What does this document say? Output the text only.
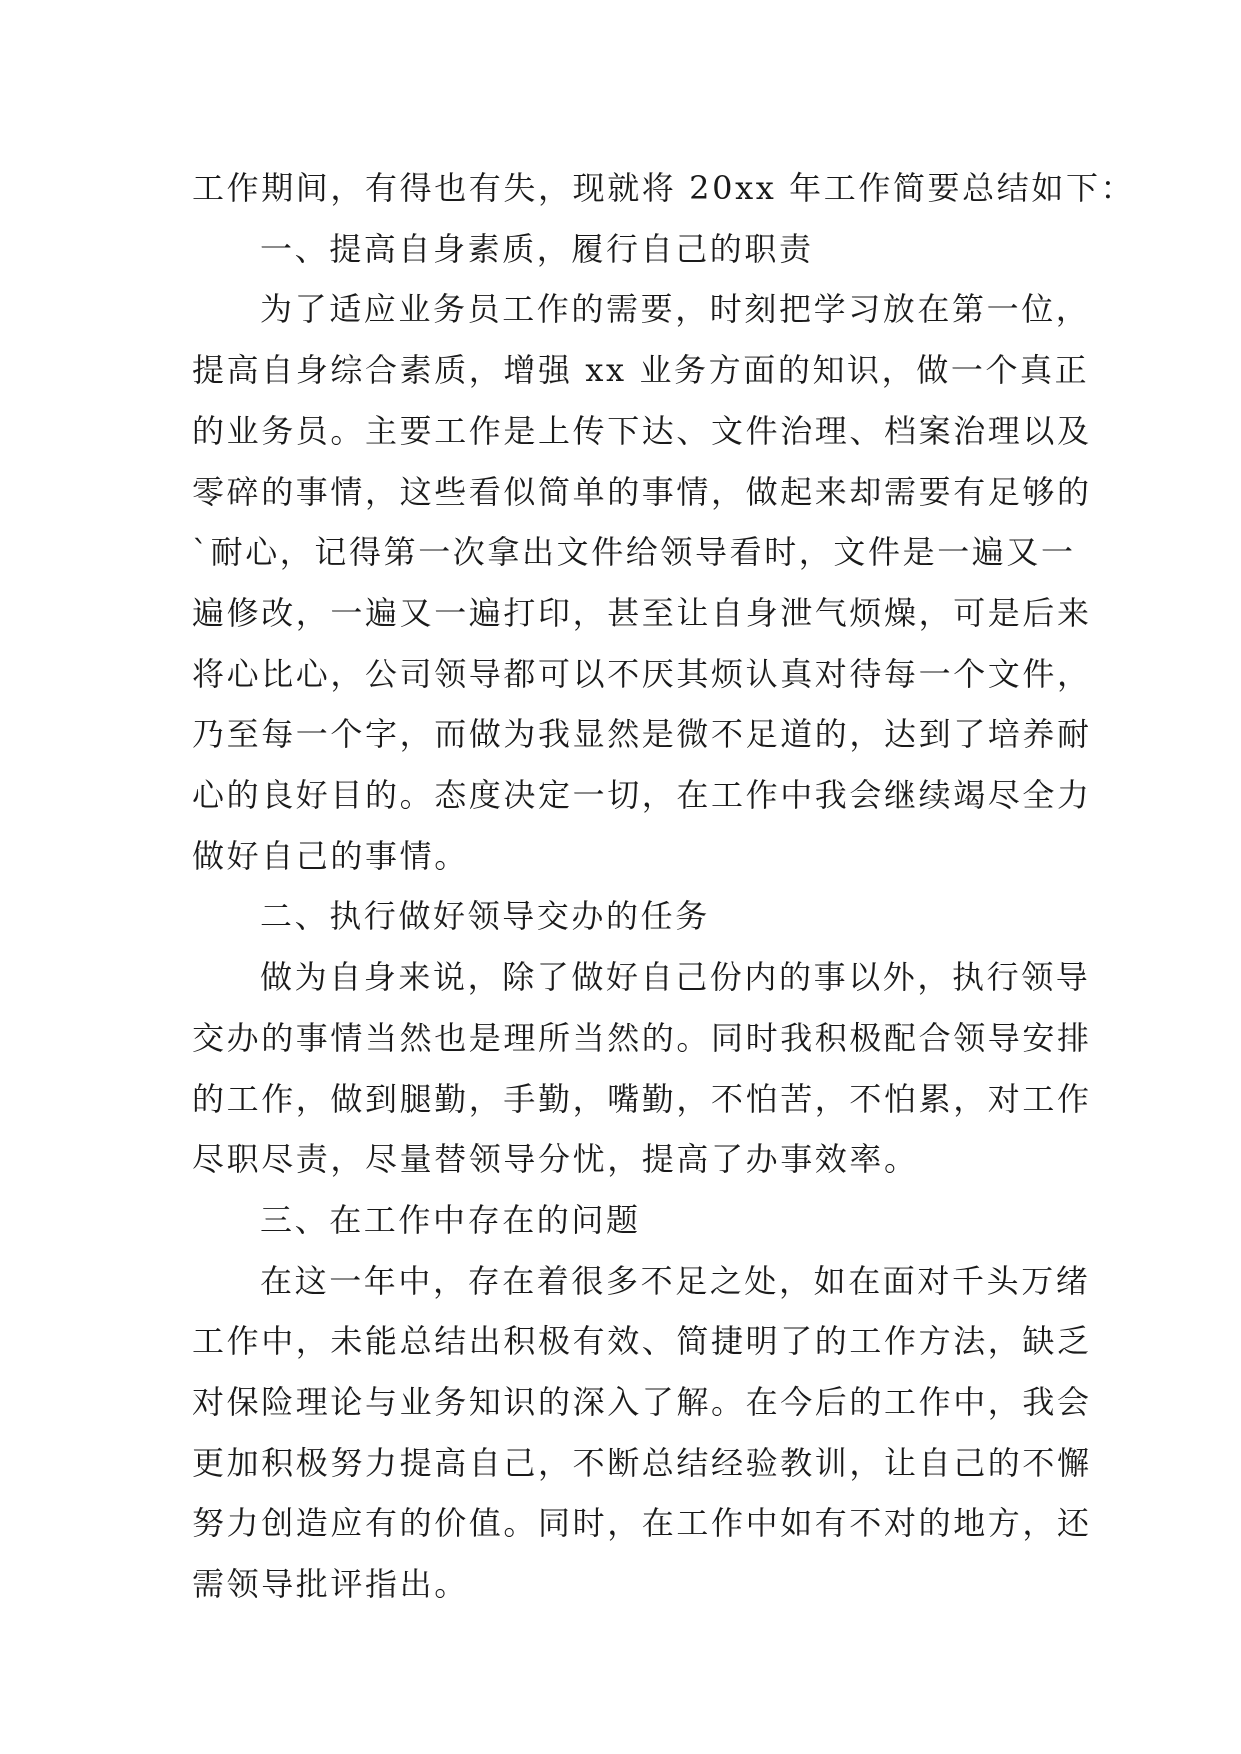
工作期间，有得也有失，现就将 20xx 年工作简要总结如下：

一、提高自身素质，履行自己的职责

为了适应业务员工作的需要，时刻把学习放在第一位，

提高自身综合素质，增强 xx 业务方面的知识，做一个真正

的业务员。主要工作是上传下达、文件治理、档案治理以及

零碎的事情，这些看似简单的事情，做起来却需要有足够的

`耐心，记得第一次拿出文件给领导看时，文件是一遍又一

遍修改，一遍又一遍打印，甚至让自身泄气烦燥，可是后来

将心比心，公司领导都可以不厌其烦认真对待每一个文件，

乃至每一个字，而做为我显然是微不足道的，达到了培养耐

心的良好目的。态度决定一切，在工作中我会继续竭尽全力

做好自己的事情。

二、执行做好领导交办的任务

做为自身来说，除了做好自己份内的事以外，执行领导

交办的事情当然也是理所当然的。同时我积极配合领导安排

的工作，做到腿勤，手勤，嘴勤，不怕苦，不怕累，对工作

尽职尽责，尽量替领导分忧，提高了办事效率。

三、在工作中存在的问题

在这一年中，存在着很多不足之处，如在面对千头万绪

工作中，未能总结出积极有效、简捷明了的工作方法，缺乏

对保险理论与业务知识的深入了解。在今后的工作中，我会

更加积极努力提高自己，不断总结经验教训，让自己的不懈

努力创造应有的价值。同时，在工作中如有不对的地方，还

需领导批评指出。
